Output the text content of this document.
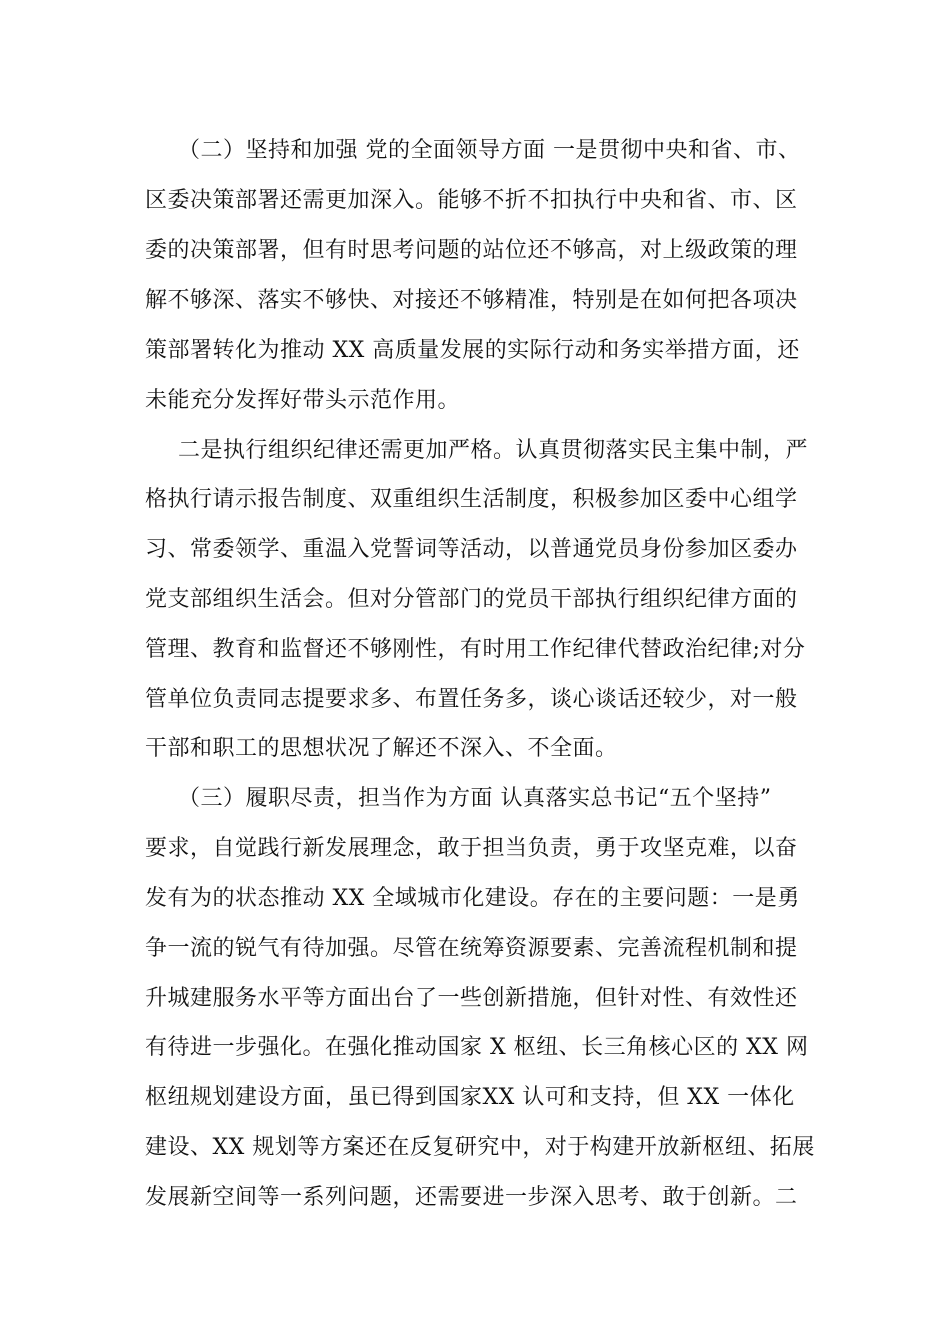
（二）坚持和加强 党的全面领导方面 一是贯彻中央和省、市、

区委决策部署还需更加深入。能够不折不扣执行中央和省、市、区

委的决策部署，但有时思考问题的站位还不够高，对上级政策的理

解不够深、落实不够快、对接还不够精准，特别是在如何把各项决

策部署转化为推动 XX 高质量发展的实际行动和务实举措方面，还

未能充分发挥好带头示范作用。

二是执行组织纪律还需更加严格。认真贯彻落实民主集中制，严

格执行请示报告制度、双重组织生活制度，积极参加区委中心组学

习、常委领学、重温入党誓词等活动，以普通党员身份参加区委办

党支部组织生活会。但对分管部门的党员干部执行组织纪律方面的

管理、教育和监督还不够刚性，有时用工作纪律代替政治纪律;对分

管单位负责同志提要求多、布置任务多，谈心谈话还较少，对一般

干部和职工的思想状况了解还不深入、不全面。

（三）履职尽责，担当作为方面 认真落实总书记“五个坚持”

要求，自觉践行新发展理念，敢于担当负责，勇于攻坚克难，以奋

发有为的状态推动 XX 全域城市化建设。存在的主要问题：一是勇

争一流的锐气有待加强。尽管在统筹资源要素、完善流程机制和提

升城建服务水平等方面出台了一些创新措施，但针对性、有效性还

有待进一步强化。在强化推动国家 X 枢纽、长三角核心区的 XX 网

枢纽规划建设方面，虽已得到国家XX 认可和支持，但 XX 一体化

建设、XX 规划等方案还在反复研究中，对于构建开放新枢纽、拓展

发展新空间等一系列问题，还需要进一步深入思考、敢于创新。二
